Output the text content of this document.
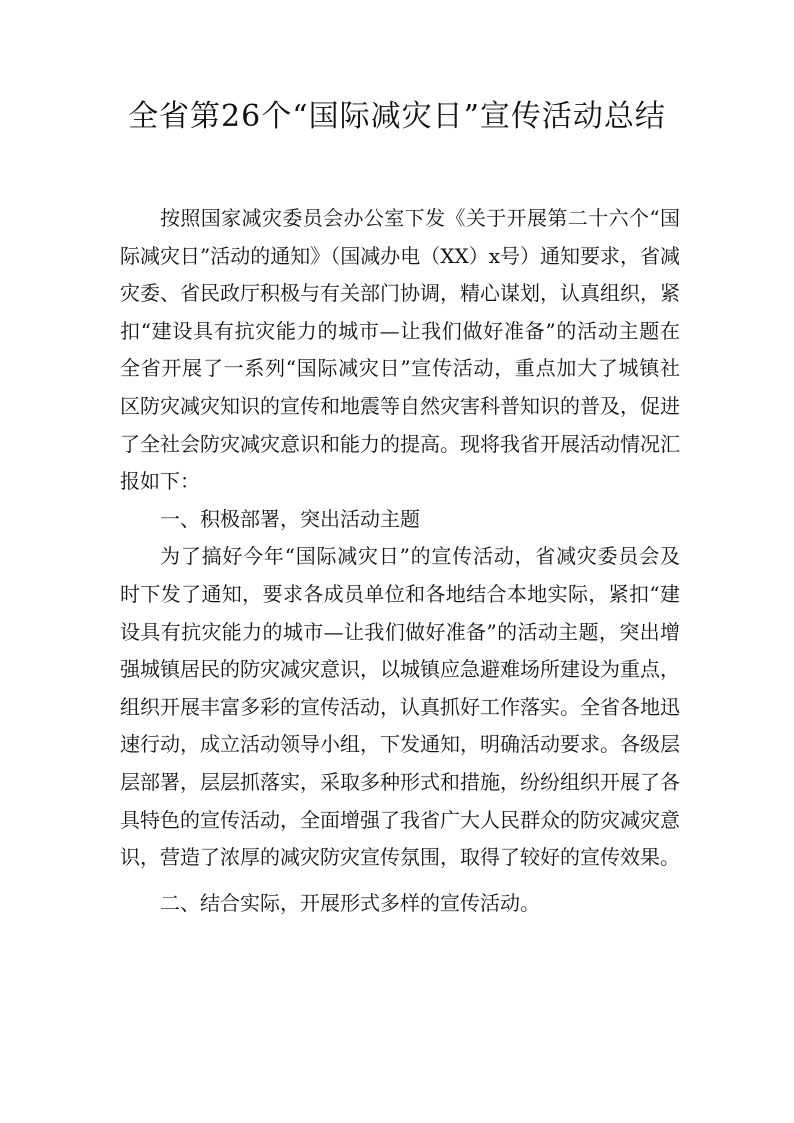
全省第26个“国际减灾日”宣传活动总结

按照国家减灾委员会办公室下发《关于开展第二十六个“国际减灾日”活动的通知》（国减办电（XX）x号）通知要求，省减灾委、省民政厅积极与有关部门协调，精心谋划，认真组织，紧扣“建设具有抗灾能力的城市—让我们做好准备”的活动主题在全省开展了一系列“国际减灾日”宣传活动，重点加大了城镇社区防灾减灾知识的宣传和地震等自然灾害科普知识的普及，促进了全社会防灾减灾意识和能力的提高。现将我省开展活动情况汇报如下：

一、积极部署，突出活动主题

为了搞好今年“国际减灾日”的宣传活动，省减灾委员会及时下发了通知，要求各成员单位和各地结合本地实际，紧扣“建设具有抗灾能力的城市—让我们做好准备”的活动主题，突出增强城镇居民的防灾减灾意识，以城镇应急避难场所建设为重点，组织开展丰富多彩的宣传活动，认真抓好工作落实。全省各地迅速行动，成立活动领导小组，下发通知，明确活动要求。各级层层部署，层层抓落实，采取多种形式和措施，纷纷组织开展了各具特色的宣传活动，全面增强了我省广大人民群众的防灾减灾意识，营造了浓厚的减灾防灾宣传氛围，取得了较好的宣传效果。

二、结合实际，开展形式多样的宣传活动。
